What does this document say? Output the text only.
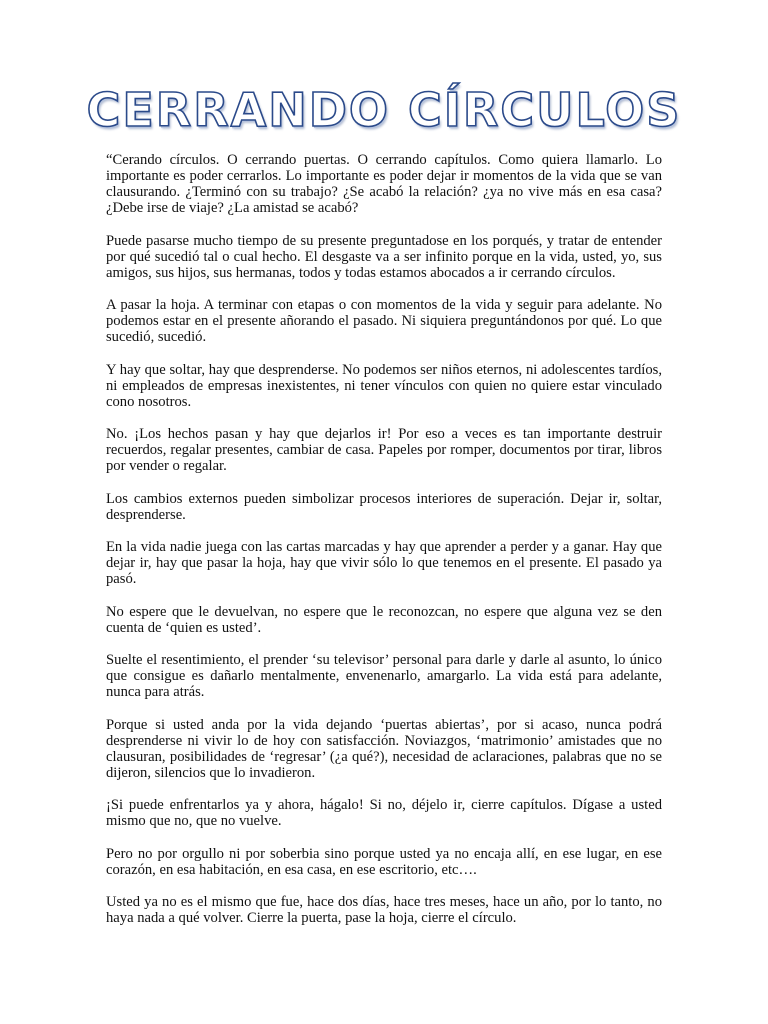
CERRANDO CÍRCULOS

“Cerando círculos. O cerrando puertas. O cerrando capítulos. Como quiera llamarlo. Lo importante es poder cerrarlos. Lo importante es poder dejar ir momentos de la vida que se van clausurando. ¿Terminó con su trabajo? ¿Se acabó la relación? ¿ya no vive más en esa casa? ¿Debe irse de viaje? ¿La amistad se acabó?

Puede pasarse mucho tiempo de su presente preguntadose en los porqués, y tratar de entender por qué sucedió tal o cual hecho. El desgaste va a ser infinito porque en la vida, usted, yo, sus amigos, sus hijos, sus hermanas, todos y todas estamos abocados a ir cerrando círculos.

A pasar la hoja. A terminar con etapas o con momentos de la vida y seguir para adelante. No podemos estar en el presente añorando el pasado. Ni siquiera preguntándonos por qué. Lo que sucedió, sucedió.

Y hay que soltar, hay que desprenderse. No podemos ser niños eternos, ni adolescentes tardíos, ni empleados de empresas inexistentes, ni tener vínculos con quien no quiere estar vinculado cono nosotros.

No. ¡Los hechos pasan y hay que dejarlos ir! Por eso a veces es tan importante destruir recuerdos, regalar presentes, cambiar de casa. Papeles por romper, documentos por tirar, libros por vender o regalar.

Los cambios externos pueden simbolizar procesos interiores de superación. Dejar ir, soltar, desprenderse.

En la vida nadie juega con las cartas marcadas y hay que aprender a perder y a ganar. Hay que dejar ir, hay que pasar la hoja, hay que vivir sólo lo que tenemos en el presente. El pasado ya pasó.

No espere que le devuelvan, no espere que le reconozcan, no espere que alguna vez se den cuenta de ‘quien es usted’.

Suelte el resentimiento, el prender ‘su televisor’ personal para darle y darle al asunto, lo único que consigue es dañarlo mentalmente, envenenarlo, amargarlo. La vida está para adelante, nunca para atrás.

Porque si usted anda por la vida dejando ‘puertas abiertas’, por si acaso, nunca podrá desprenderse ni vivir lo de hoy con satisfacción. Noviazgos, ‘matrimonio’ amistades que no clausuran, posibilidades de ‘regresar’ (¿a qué?), necesidad de aclaraciones, palabras que no se dijeron, silencios que lo invadieron.

¡Si puede enfrentarlos ya y ahora, hágalo! Si no, déjelo ir, cierre capítulos. Dígase a usted mismo que no, que no vuelve.

Pero no por orgullo ni por soberbia sino porque usted ya no encaja allí, en ese lugar, en ese corazón, en esa habitación, en esa casa, en ese escritorio, etc….

Usted ya no es el mismo que fue, hace dos días, hace tres meses, hace un año, por lo tanto, no haya nada a qué volver. Cierre la puerta, pase la hoja, cierre el círculo.
